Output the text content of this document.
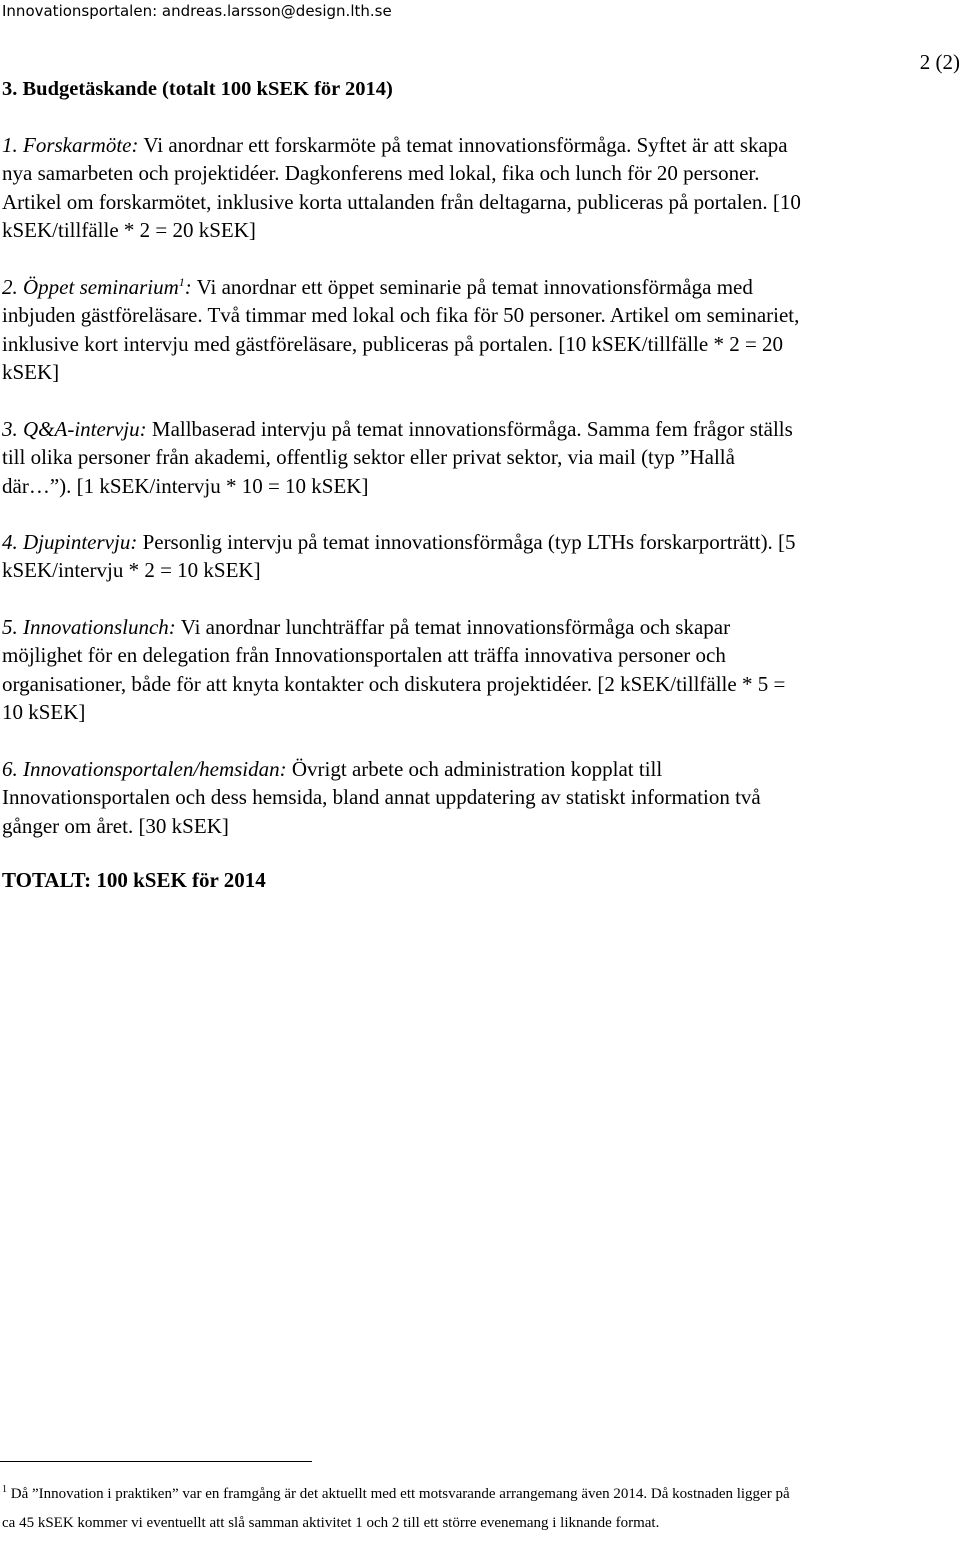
Innovationsportalen: andreas.larsson@design.lth.se
2 (2)
3. Budgetäskande (totalt 100 kSEK för 2014)
1. Forskarmöte: Vi anordnar ett forskarmöte på temat innovationsförmåga. Syftet är att skapa nya samarbeten och projektidéer. Dagkonferens med lokal, fika och lunch för 20 personer. Artikel om forskarmötet, inklusive korta uttalanden från deltagarna, publiceras på portalen. [10 kSEK/tillfälle * 2 = 20 kSEK]
2. Öppet seminarium$^1$: Vi anordnar ett öppet seminarie på temat innovationsförmåga med inbjuden gästföreläsare. Två timmar med lokal och fika för 50 personer. Artikel om seminariet, inklusive kort intervju med gästföreläsare, publiceras på portalen. [10 kSEK/tillfälle * 2 = 20 kSEK]
3. Q&A-intervju: Mallbaserad intervju på temat innovationsförmåga. Samma fem frågor ställs till olika personer från akademi, offentlig sektor eller privat sektor, via mail (typ ”Hallå där…”). [1 kSEK/intervju * 10 = 10 kSEK]
4. Djupintervju: Personlig intervju på temat innovationsförmåga (typ LTHs forskarporträtt). [5 kSEK/intervju * 2 = 10 kSEK]
5. Innovationslunch: Vi anordnar lunchträffar på temat innovationsförmåga och skapar möjlighet för en delegation från Innovationsportalen att träffa innovativa personer och organisationer, både för att knyta kontakter och diskutera projektidéer. [2 kSEK/tillfälle * 5 = 10 kSEK]
6. Innovationsportalen/hemsidan: Övrigt arbete och administration kopplat till Innovationsportalen och dess hemsida, bland annat uppdatering av statiskt information två gånger om året. [30 kSEK]
TOTALT: 100 kSEK för 2014
$^1$ Då ”Innovation i praktiken” var en framgång är det aktuellt med ett motsvarande arrangemang även 2014. Då kostnaden ligger på ca 45 kSEK kommer vi eventuellt att slå samman aktivitet 1 och 2 till ett större evenemang i liknande format.
